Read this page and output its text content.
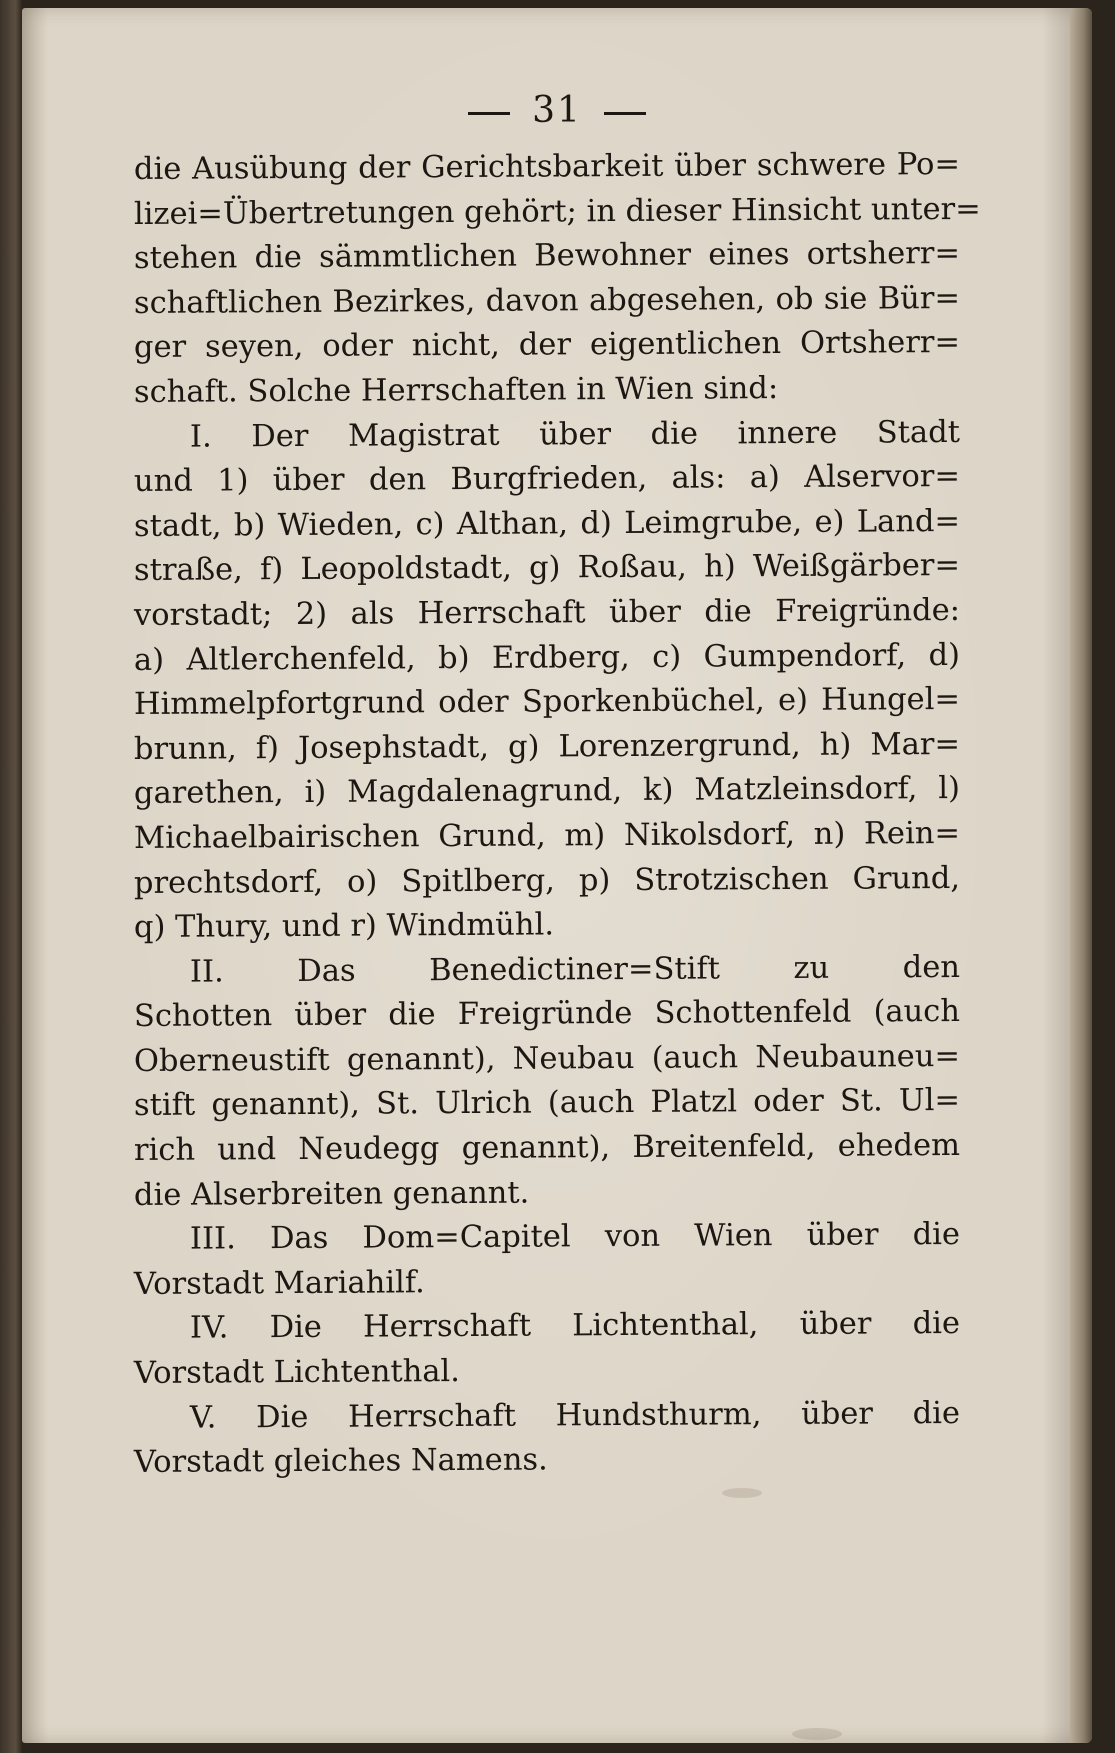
31
die Ausübung der Gerichtsbarkeit über schwere Po=
lizei=Übertretungen gehört; in dieser Hinsicht unter=
stehen die sämmtlichen Bewohner eines ortsherr=
schaftlichen Bezirkes, davon abgesehen, ob sie Bür=
ger seyen, oder nicht, der eigentlichen Ortsherr=
schaft. Solche Herrschaften in Wien sind:
I. Der Magistrat über die innere Stadt
und 1) über den Burgfrieden, als: a) Alservor=
stadt, b) Wieden, c) Althan, d) Leimgrube, e) Land=
straße, f) Leopoldstadt, g) Roßau, h) Weißgärber=
vorstadt; 2) als Herrschaft über die Freigründe:
a) Altlerchenfeld, b) Erdberg, c) Gumpendorf, d)
Himmelpfortgrund oder Sporkenbüchel, e) Hungel=
brunn, f) Josephstadt, g) Lorenzergrund, h) Mar=
garethen, i) Magdalenagrund, k) Matzleinsdorf, l)
Michaelbairischen Grund, m) Nikolsdorf, n) Rein=
prechtsdorf, o) Spitlberg, p) Strotzischen Grund,
q) Thury, und r) Windmühl.
II. Das Benedictiner=Stift zu den
Schotten über die Freigründe Schottenfeld (auch
Oberneustift genannt), Neubau (auch Neubauneu=
stift genannt), St. Ulrich (auch Platzl oder St. Ul=
rich und Neudegg genannt), Breitenfeld, ehedem
die Alserbreiten genannt.
III. Das Dom=Capitel von Wien über die
Vorstadt Mariahilf.
IV. Die Herrschaft Lichtenthal, über die
Vorstadt Lichtenthal.
V. Die Herrschaft Hundsthurm, über die
Vorstadt gleiches Namens.
